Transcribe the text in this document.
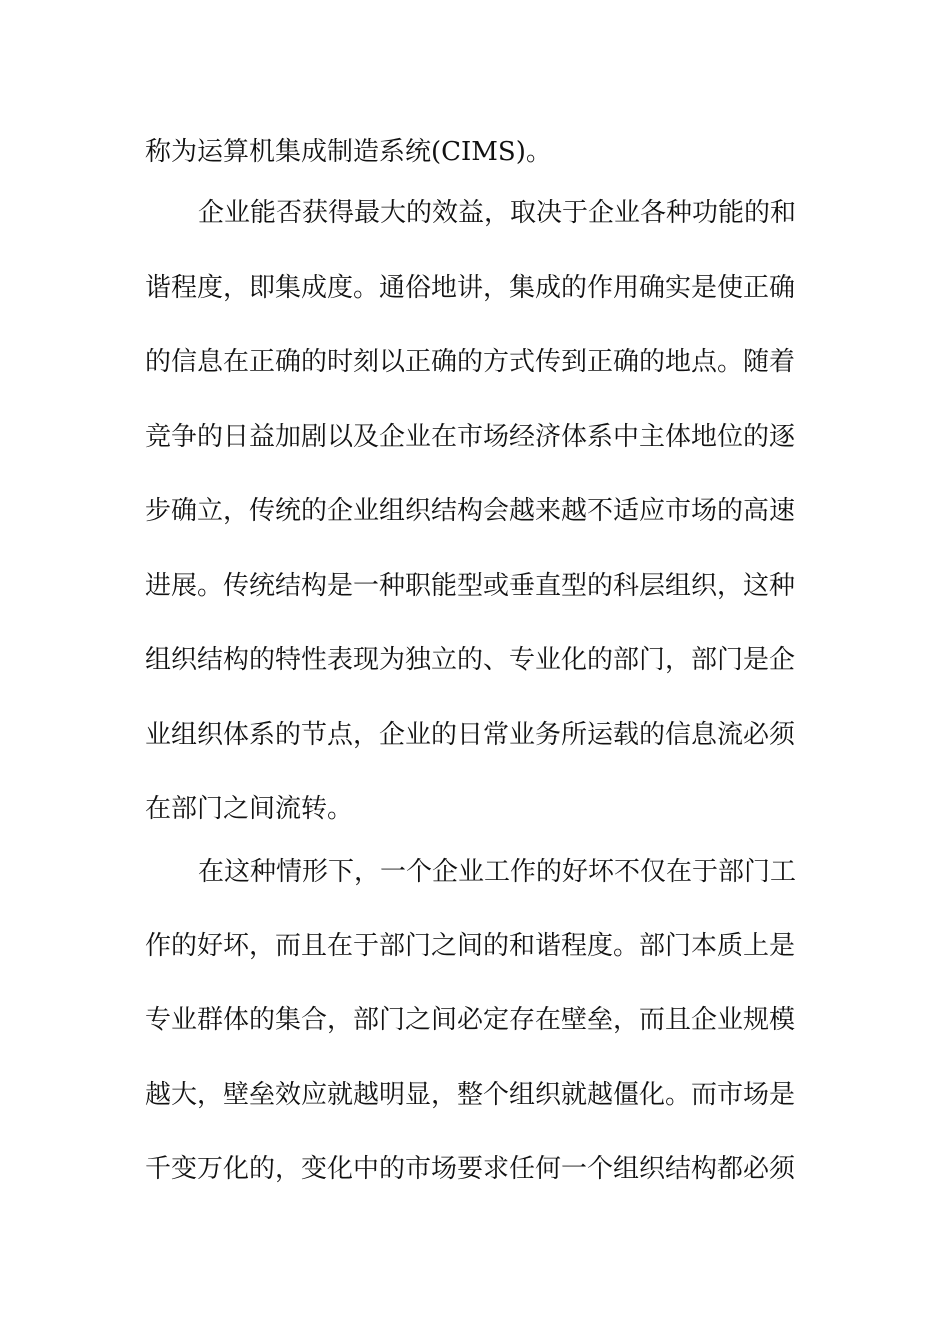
称为运算机集成制造系统(CIMS)。

企业能否获得最大的效益，取决于企业各种功能的和

谐程度，即集成度。通俗地讲，集成的作用确实是使正确

的信息在正确的时刻以正确的方式传到正确的地点。随着

竞争的日益加剧以及企业在市场经济体系中主体地位的逐

步确立，传统的企业组织结构会越来越不适应市场的高速

进展。传统结构是一种职能型或垂直型的科层组织，这种

组织结构的特性表现为独立的、专业化的部门，部门是企

业组织体系的节点，企业的日常业务所运载的信息流必须

在部门之间流转。

在这种情形下，一个企业工作的好坏不仅在于部门工

作的好坏，而且在于部门之间的和谐程度。部门本质上是

专业群体的集合，部门之间必定存在壁垒，而且企业规模

越大，壁垒效应就越明显，整个组织就越僵化。而市场是

千变万化的，变化中的市场要求任何一个组织结构都必须
